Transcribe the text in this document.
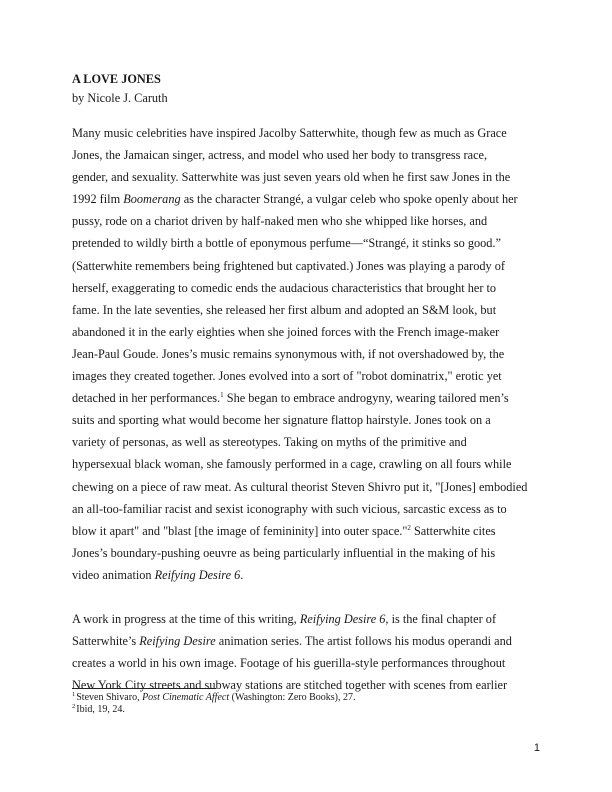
A LOVE JONES
by Nicole J. Caruth
Many music celebrities have inspired Jacolby Satterwhite, though few as much as Grace
Jones, the Jamaican singer, actress, and model who used her body to transgress race,
gender, and sexuality. Satterwhite was just seven years old when he first saw Jones in the
1992 film Boomerang as the character Strangé, a vulgar celeb who spoke openly about her
pussy, rode on a chariot driven by half-naked men who she whipped like horses, and
pretended to wildly birth a bottle of eponymous perfume—“Strangé, it stinks so good.”
(Satterwhite remembers being frightened but captivated.) Jones was playing a parody of
herself, exaggerating to comedic ends the audacious characteristics that brought her to
fame. In the late seventies, she released her first album and adopted an S&M look, but
abandoned it in the early eighties when she joined forces with the French image-maker
Jean-Paul Goude. Jones’s music remains synonymous with, if not overshadowed by, the
images they created together. Jones evolved into a sort of "robot dominatrix," erotic yet
detached in her performances.$^1$ She began to embrace androgyny, wearing tailored men’s
suits and sporting what would become her signature flattop hairstyle. Jones took on a
variety of personas, as well as stereotypes. Taking on myths of the primitive and
hypersexual black woman, she famously performed in a cage, crawling on all fours while
chewing on a piece of raw meat. As cultural theorist Steven Shivro put it, "[Jones] embodied
an all-too-familiar racist and sexist iconography with such vicious, sarcastic excess as to
blow it apart" and "blast [the image of femininity] into outer space."$^2$ Satterwhite cites
Jones’s boundary-pushing oeuvre as being particularly influential in the making of his
video animation Reifying Desire 6.
A work in progress at the time of this writing, Reifying Desire 6, is the final chapter of
Satterwhite’s Reifying Desire animation series. The artist follows his modus operandi and
creates a world in his own image. Footage of his guerilla-style performances throughout
New York City streets and subway stations are stitched together with scenes from earlier
$^1$Steven Shivaro, Post Cinematic Affect (Washington: Zero Books), 27.
$^2$Ibid, 19, 24.
1
